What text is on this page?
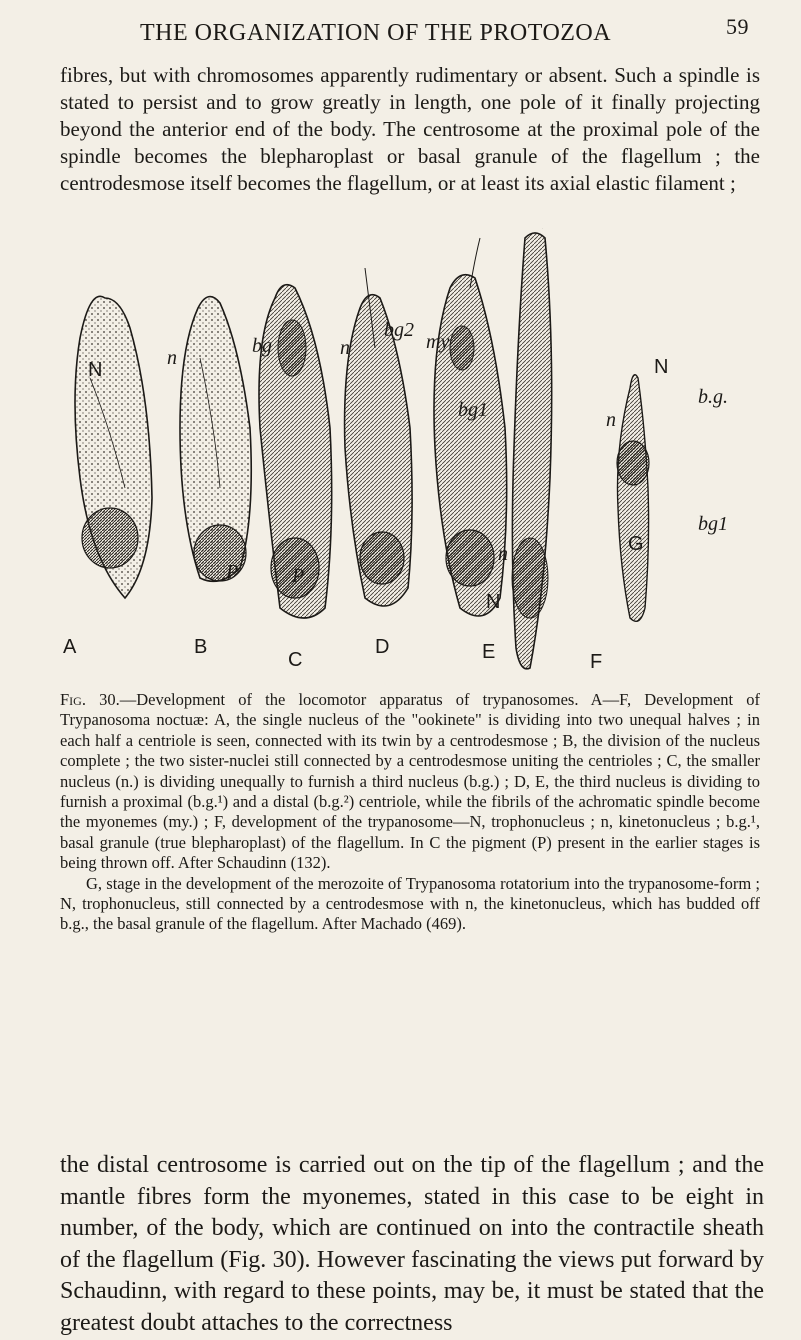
THE ORGANIZATION OF THE PROTOZOA	59
fibres, but with chromosomes apparently rudimentary or absent. Such a spindle is stated to persist and to grow greatly in length, one pole of it finally projecting beyond the anterior end of the body. The centrosome at the proximal pole of the spindle becomes the blepharoplast or basal granule of the flagellum ; the centrodesmose itself becomes the flagellum, or at least its axial elastic filament ;
A	B
C
D	E	F
G
N	N
N
n	n
n
n
P	P
bg
bg2
my
bg1
b.g.
bg1

Fig. 30.—Development of the locomotor apparatus of trypanosomes. A—F, Development of Trypanosoma noctuæ: A, the single nucleus of the "ookinete" is dividing into two unequal halves ; in each half a centriole is seen, connected with its twin by a centrodesmose ; B, the division of the nucleus complete ; the two sister-nuclei still connected by a centrodesmose uniting the centrioles ; C, the smaller nucleus (n.) is dividing unequally to furnish a third nucleus (b.g.) ; D, E, the third nucleus is dividing to furnish a proximal (b.g.¹) and a distal (b.g.²) centriole, while the fibrils of the achromatic spindle become the myonemes (my.) ; F, development of the trypanosome—N, trophonucleus ; n, kinetonucleus ; b.g.¹, basal granule (true blepharoplast) of the flagellum. In C the pigment (P) present in the earlier stages is being thrown off. After Schaudinn (132).

G, stage in the development of the merozoite of Trypanosoma rotatorium into the trypanosome-form ; N, trophonucleus, still connected by a centrodesmose with n, the kinetonucleus, which has budded off b.g., the basal granule of the flagellum. After Machado (469).

the distal centrosome is carried out on the tip of the flagellum ; and the mantle fibres form the myonemes, stated in this case to be eight in number, of the body, which are continued on into the contractile sheath of the flagellum (Fig. 30). However fascinating the views put forward by Schaudinn, with regard to these points, may be, it must be stated that the greatest doubt attaches to the correctness
